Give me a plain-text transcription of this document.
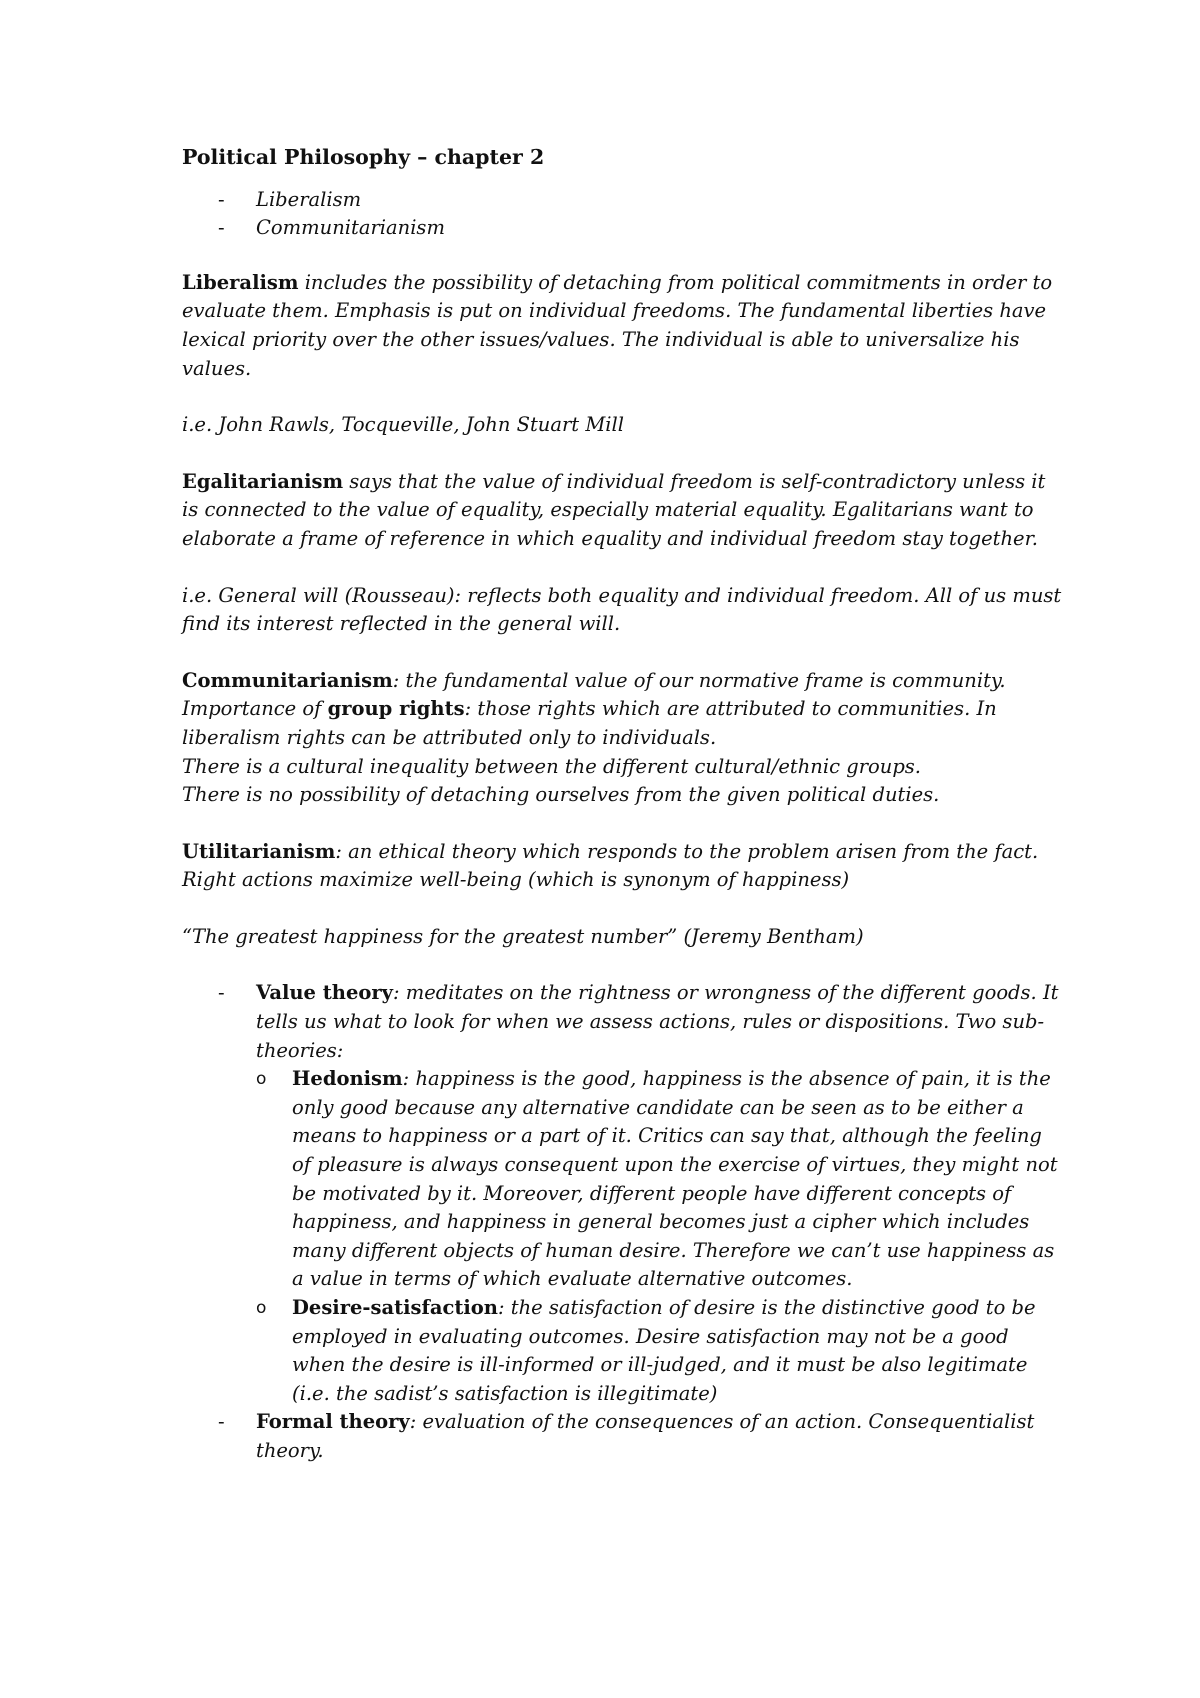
Political Philosophy – chapter 2
- Liberalism
- Communitarianism

Liberalism includes the possibility of detaching from political commitments in order to evaluate them. Emphasis is put on individual freedoms. The fundamental liberties have lexical priority over the other issues/values. The individual is able to universalize his values.

i.e. John Rawls, Tocqueville, John Stuart Mill

Egalitarianism says that the value of individual freedom is self-contradictory unless it is connected to the value of equality, especially material equality. Egalitarians want to elaborate a frame of reference in which equality and individual freedom stay together.

i.e. General will (Rousseau): reflects both equality and individual freedom. All of us must find its interest reflected in the general will.

Communitarianism: the fundamental value of our normative frame is community. Importance of group rights: those rights which are attributed to communities. In liberalism rights can be attributed only to individuals.

There is a cultural inequality between the different cultural/ethnic groups.

There is no possibility of detaching ourselves from the given political duties.

Utilitarianism: an ethical theory which responds to the problem arisen from the fact. Right actions maximize well-being (which is synonym of happiness)

“The greatest happiness for the greatest number” (Jeremy Bentham)

- Value theory: meditates on the rightness or wrongness of the different goods. It tells us what to look for when we assess actions, rules or dispositions. Two sub-theories:
o Hedonism: happiness is the good, happiness is the absence of pain, it is the only good because any alternative candidate can be seen as to be either a means to happiness or a part of it. Critics can say that, although the feeling of pleasure is always consequent upon the exercise of virtues, they might not be motivated by it. Moreover, different people have different concepts of happiness, and happiness in general becomes just a cipher which includes many different objects of human desire. Therefore we can’t use happiness as a value in terms of which evaluate alternative outcomes.
o Desire-satisfaction: the satisfaction of desire is the distinctive good to be employed in evaluating outcomes. Desire satisfaction may not be a good when the desire is ill-informed or ill-judged, and it must be also legitimate (i.e. the sadist’s satisfaction is illegitimate)
- Formal theory: evaluation of the consequences of an action. Consequentialist theory.
